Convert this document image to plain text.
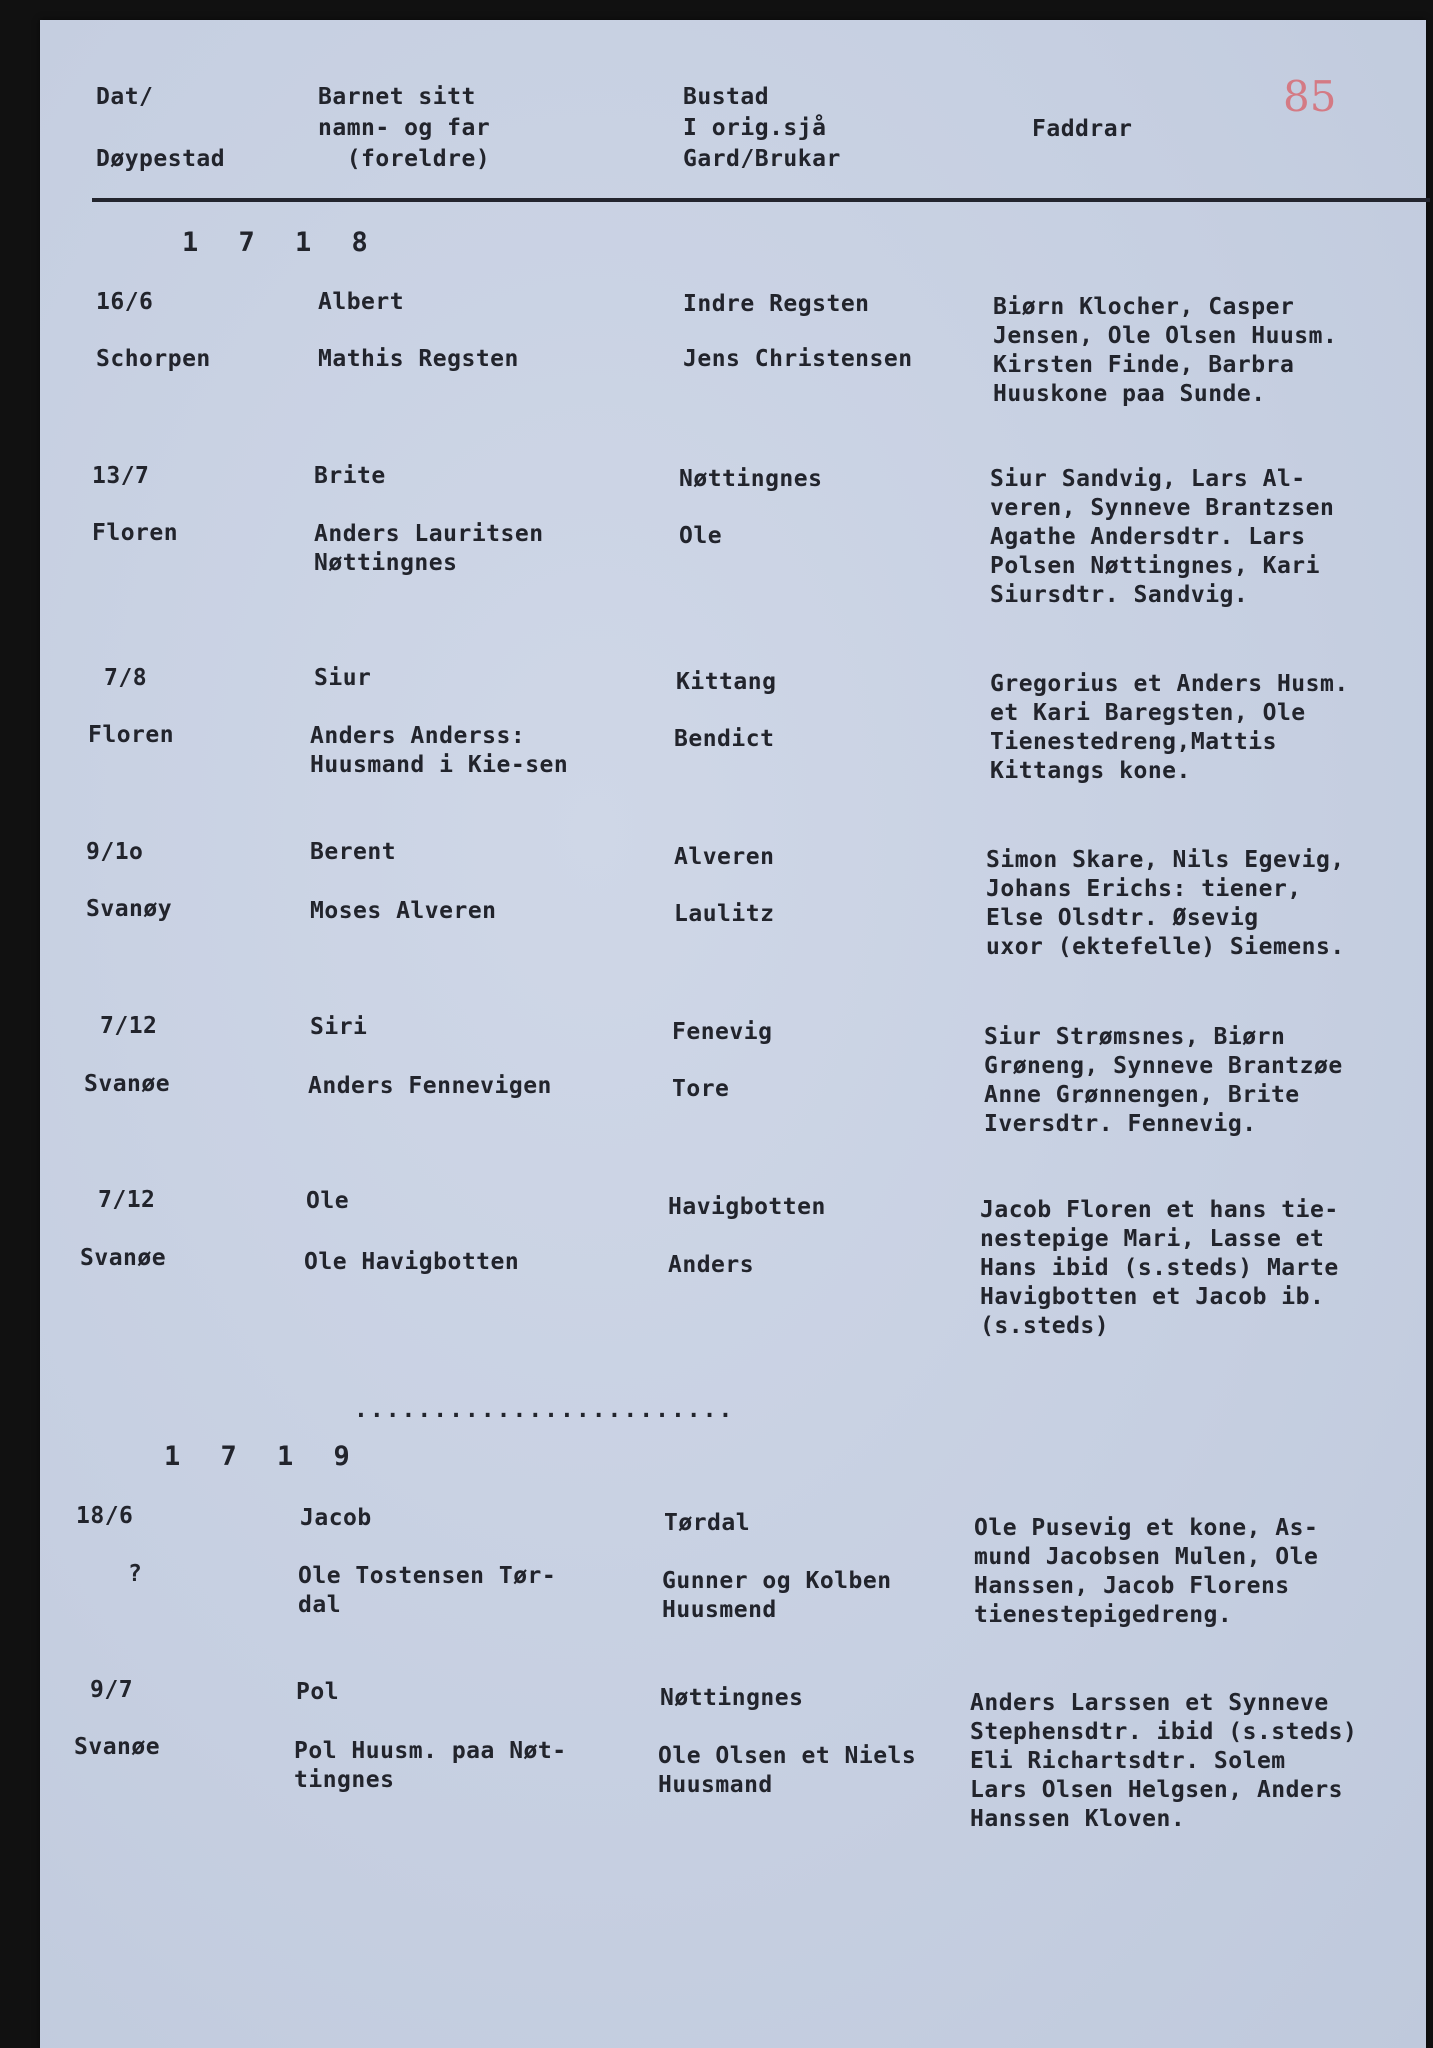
85
Dat/

Døypestad
Barnet sitt
namn- og far
(foreldre)
Bustad
I orig.sjå
Gard/Brukar
Faddrar
1 7 1 8
16/6
Schorpen
Albert
Mathis Regsten
Indre Regsten
Jens Christensen
Biørn Klocher, Casper
Jensen, Ole Olsen Huusm.
Kirsten Finde, Barbra
Huuskone paa Sunde.
13/7
Floren
Brite
Anders Lauritsen
Nøttingnes
Nøttingnes
Ole
Siur Sandvig, Lars Al-
veren, Synneve Brantzsen
Agathe Andersdtr. Lars
Polsen Nøttingnes, Kari
Siursdtr. Sandvig.
7/8
Floren
Siur
Anders Anderss:
Huusmand i Kie-sen
Kittang
Bendict
Gregorius et Anders Husm.
et Kari Baregsten, Ole
Tienestedreng,Mattis
Kittangs kone.
9/1o
Svanøy
Berent
Moses Alveren
Alveren
Laulitz
Simon Skare, Nils Egevig,
Johans Erichs: tiener,
Else Olsdtr. Øsevig
uxor (ektefelle) Siemens.
7/12
Svanøe
Siri
Anders Fennevigen
Fenevig
Tore
Siur Strømsnes, Biørn
Grøneng, Synneve Brantzøe
Anne Grønnengen, Brite
Iversdtr. Fennevig.
7/12
Svanøe
Ole
Ole Havigbotten
Havigbotten
Anders
Jacob Floren et hans tie-
nestepige Mari, Lasse et
Hans ibid (s.steds) Marte
Havigbotten et Jacob ib.
(s.steds)
........................
1 7 1 9
18/6
?
Jacob
Ole Tostensen Tør-
dal
Tørdal
Gunner og Kolben
Huusmend
Ole Pusevig et kone, As-
mund Jacobsen Mulen, Ole
Hanssen, Jacob Florens
tienestepigedreng.
9/7
Svanøe
Pol
Pol Huusm. paa Nøt-
tingnes
Nøttingnes
Ole Olsen et Niels
Huusmand
Anders Larssen et Synneve
Stephensdtr. ibid (s.steds)
Eli Richartsdtr. Solem
Lars Olsen Helgsen, Anders
Hanssen Kloven.
